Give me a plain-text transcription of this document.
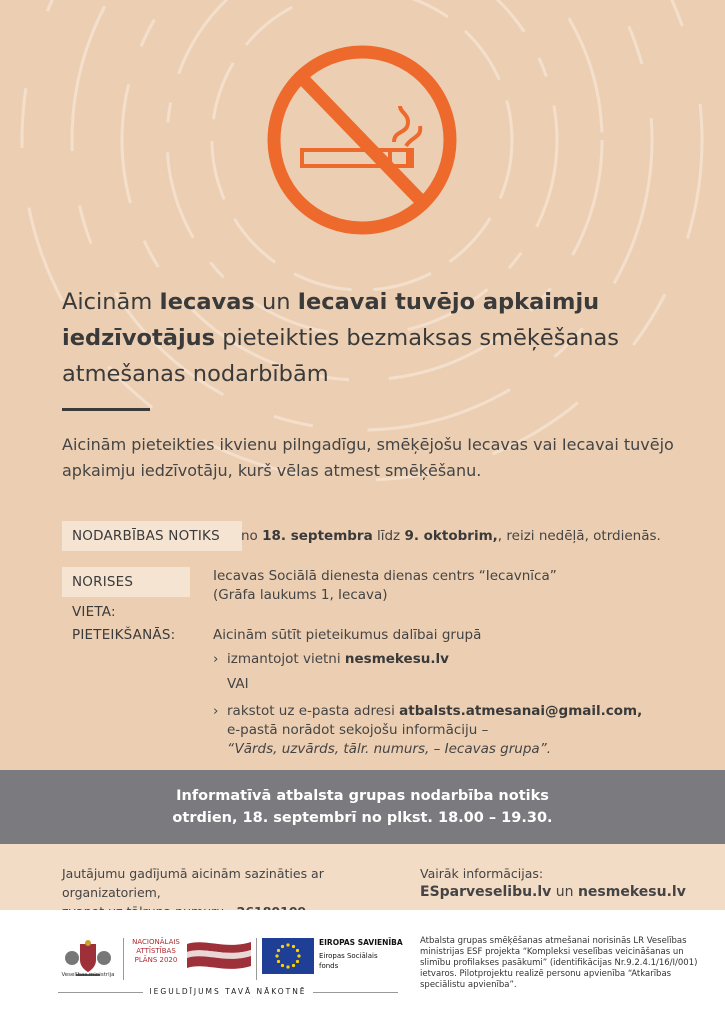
Aicinām Iecavas un Iecavai tuvējo apkaimju iedzīvotājus pieteikties bezmaksas smēķēšanas atmešanas nodarbībām
Aicinām pieteikties ikvienu pilngadīgu, smēķējošu Iecavas vai Iecavai tuvējo apkaimju iedzīvotāju, kurš vēlas atmest smēķēšanu.
NODARBĪBAS NOTIKS	no 18. septembra līdz 9. oktobrim,, reizi nedēļā, otrdienās.
NORISES VIETA:
Iecavas Sociālā dienesta dienas centrs “Iecavnīca”
(Grāfa laukums 1, Iecava)
PIETEIKŠANĀS:	Aicinām sūtīt pieteikumus dalībai grupā
› izmantojot vietni nesmekesu.lv
VAI
› rakstot uz e-pasta adresi atbalsts.atmesanai@gmail.com,
e-pastā norādot sekojošu informāciju –
“Vārds, uzvārds, tālr. numurs, – Iecavas grupa”.
Informatīvā atbalsta grupas nodarbība notiks
otrdien, 18. septembrī no plkst. 18.00 – 19.30.
Jautājumu gadījumā aicinām sazināties ar organizatoriem,
Vairāk informācijas:
ESparveselibu.lv un nesmekesu.lv
Veselības ministrija
NACIONĀLAIS
ATTĪSTĪBAS
PLĀNS 2020
EIROPAS SAVIENĪBA
Eiropas Sociālais
fonds
IEGULDĪJUMS TAVĀ NĀKOTNĒ
Atbalsta grupas smēķēšanas atmešanai norisinās LR Veselības ministrijas ESF projekta “Kompleksi veselības veicināšanas un slimību profilakses pasākumi” (identifikācijas Nr.9.2.4.1/16/I/001) ietvaros. Pilotprojektu realizē personu apvienība “Atkarības speciālistu apvienība”.
